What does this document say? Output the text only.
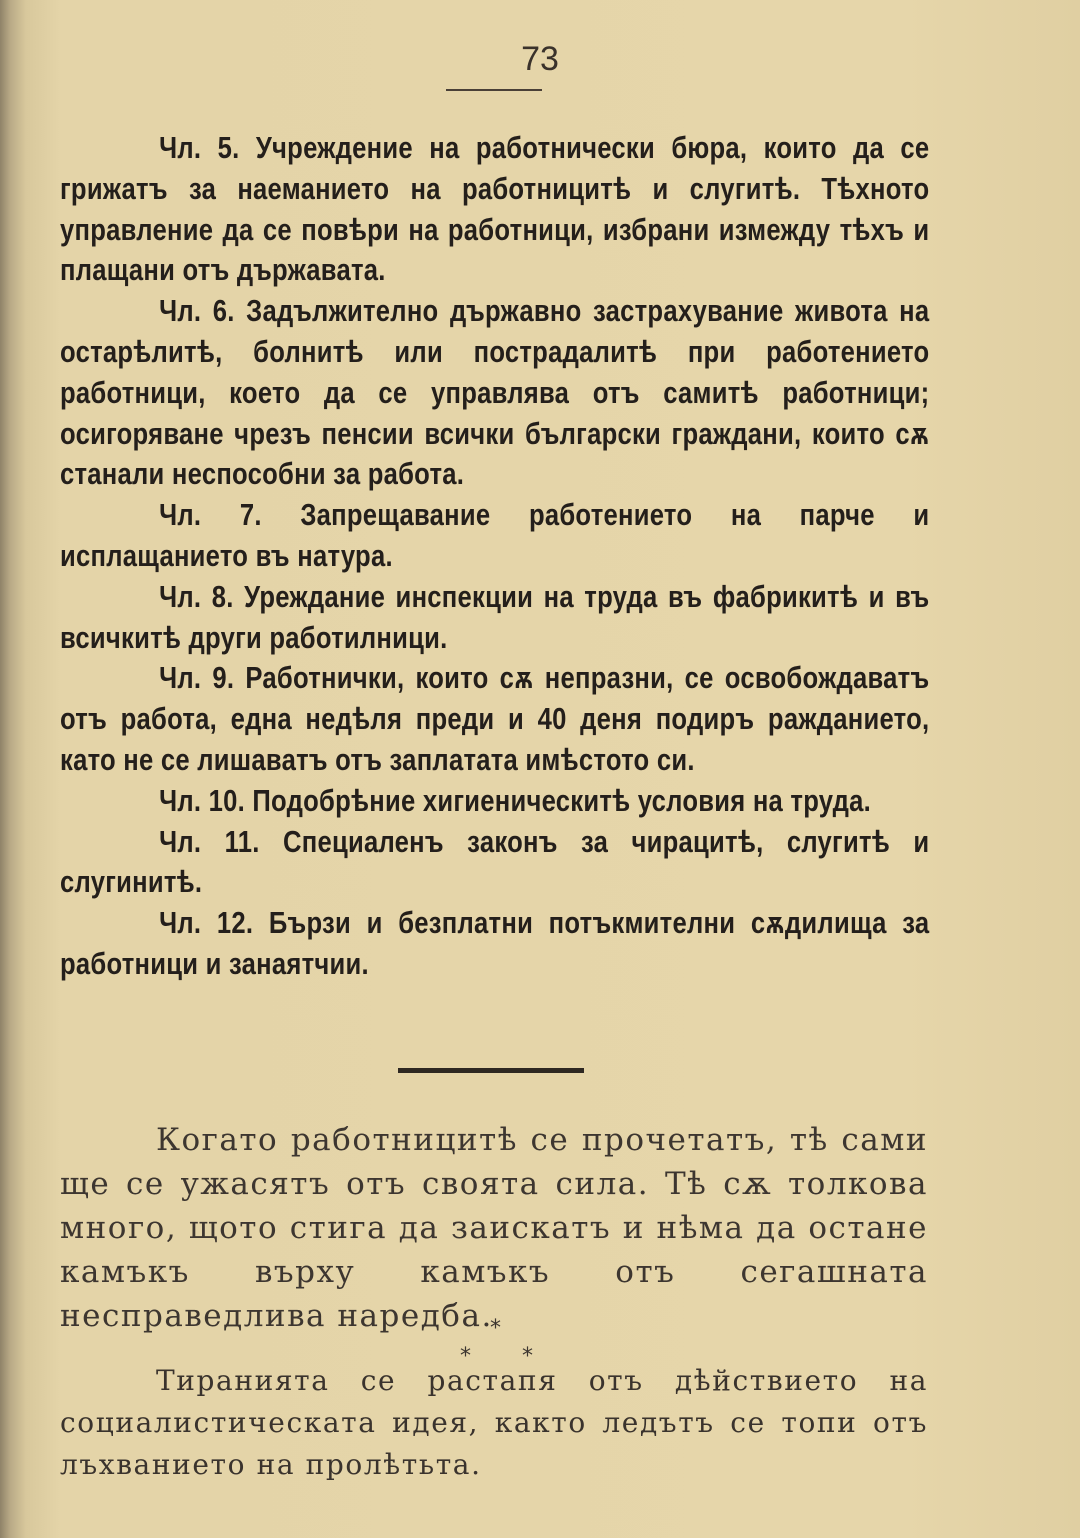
73

Чл. 5. Учреждение на работнически бюра, които да се грижатъ за наеманието на работницитѣ и слугитѣ. Тѣхното управление да се повѣри на работници, избрани измежду тѣхъ и плащани отъ държавата.

Чл. 6. Задължително държавно застрахувание живота на остарѣлитѣ, болнитѣ или пострадалитѣ при работението работници, което да се управлява отъ самитѣ работници; осигоряване чрезъ пенсии всички български граждани, които сѫ станали неспособни за работа.

Чл. 7. Запрещавание работението на парче и исплащанието въ натура.

Чл. 8. Уреждание инспекции на труда въ фабрикитѣ и въ всичкитѣ други работилници.

Чл. 9. Работнички, които сѫ непразни, се освобождаватъ отъ работа, една недѣля преди и 40 деня подиръ ражданието, като не се лишаватъ отъ заплатата имѣстото си.

Чл. 10. Подобрѣние хигиеническитѣ условия на труда.

Чл. 11. Специаленъ законъ за чирацитѣ, слугитѣ и слугинитѣ.

Чл. 12. Бързи и безплатни потъкмителни сѫдилища за работници и занаятчии.

Когато работницитѣ се прочетатъ, тѣ сами ще се ужасятъ отъ своята сила. Тѣ сѫ толкова много, щото стига да заискатъ и нѣма да остане камъкъ върху камъкъ отъ сегашната несправедлива наредба.

*
* *

Тиранията се растапя отъ дѣйствието на социалистическата идея, както ледътъ се топи отъ лъхванието на пролѣтьта.
